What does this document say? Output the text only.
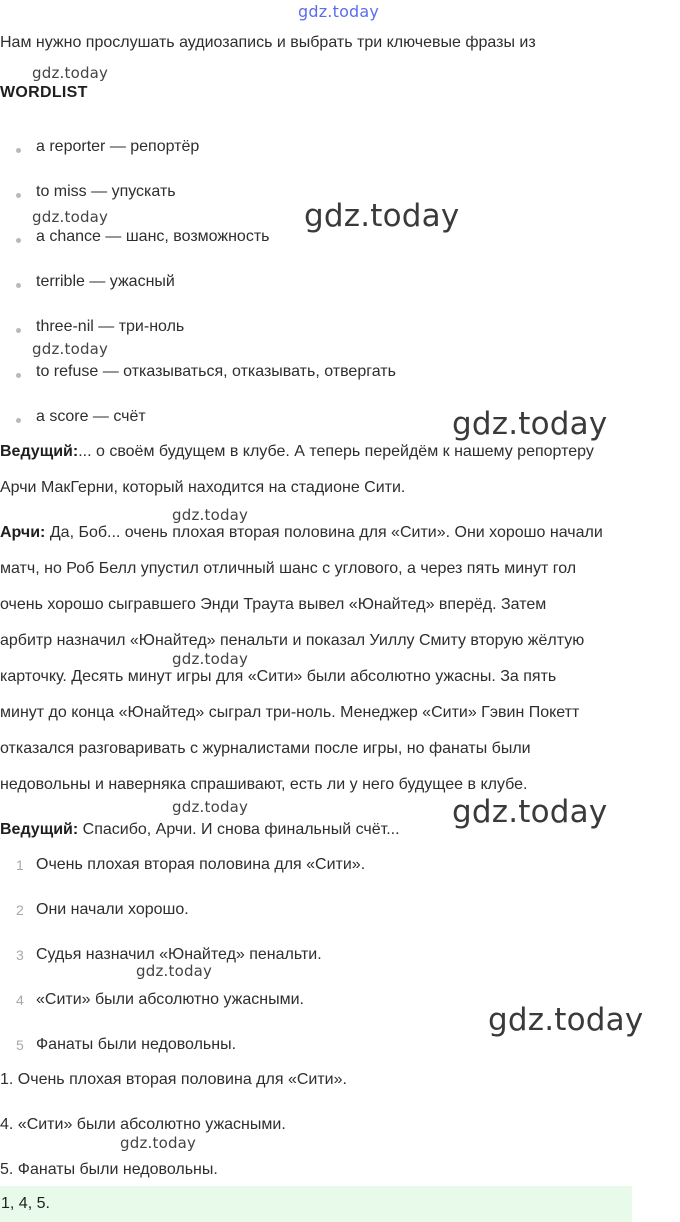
gdz.today
gdz.today
gdz.today	gdz.today
gdz.today
gdz.today
gdz.today
gdz.today
gdz.today	gdz.today
gdz.today
gdz.today
gdz.today
Нам нужно прослушать аудиозапись и выбрать три ключевые фразы из
WORDLIST
a reporter — репортёр
to miss — упускать
a chance — шанс, возможность
terrible — ужасный
three-nil — три-ноль
to refuse — отказываться, отказывать, отвергать
a score — счёт
Ведущий:... о своём будущем в клубе. А теперь перейдём к нашему репортеру
Арчи МакГерни, который находится на стадионе Сити.
Арчи: Да, Боб... очень плохая вторая половина для «Сити». Они хорошо начали
матч, но Роб Белл упустил отличный шанс с углового, а через пять минут гол
очень хорошо сыгравшего Энди Траута вывел «Юнайтед» вперёд. Затем
арбитр назначил «Юнайтед» пенальти и показал Уиллу Смиту вторую жёлтую
карточку. Десять минут игры для «Сити» были абсолютно ужасны. За пять
минут до конца «Юнайтед» сыграл три-ноль. Менеджер «Сити» Гэвин Покетт
отказался разговаривать с журналистами после игры, но фанаты были
недовольны и наверняка спрашивают, есть ли у него будущее в клубе.
Ведущий: Спасибо, Арчи. И снова финальный счёт...
1 Очень плохая вторая половина для «Сити».
2 Они начали хорошо.
3 Судья назначил «Юнайтед» пенальти.
4 «Сити» были абсолютно ужасными.
5 Фанаты были недовольны.
1. Очень плохая вторая половина для «Сити».
4. «Сити» были абсолютно ужасными.
5. Фанаты были недовольны.
1, 4, 5.
